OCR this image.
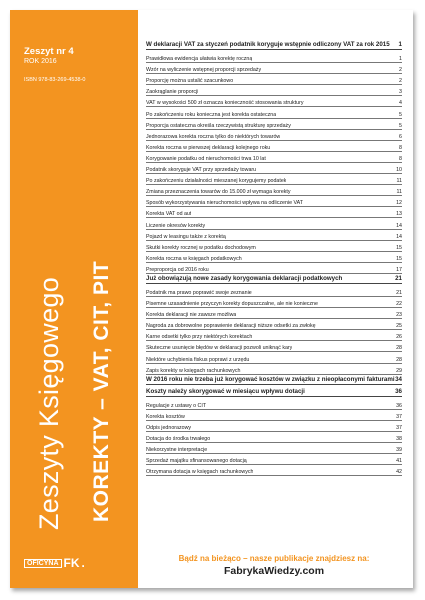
Zeszyt nr 4
ROK 2016
ISBN 978-83-269-4538-0
Zeszyty Księgowego KOREKTY – VAT, CIT, PIT
OFICYNA FK .
W deklaracji VAT za styczeń podatnik koryguje wstępnie odliczony VAT za rok 2015	1
Prawidłowa ewidencja ułatwia korektę roczną	1
Wzór na wyliczenie wstępnej proporcji sprzedaży	2
Proporcję można ustalić szacunkowo	2
Zaokrąglanie proporcji	3
VAT w wysokości 500 zł oznacza konieczność stosowania struktury	4
Po zakończeniu roku konieczna jest korekta ostateczna	5
Proporcja ostateczna określa rzeczywistą strukturę sprzedaży	5
Jednorazowa korekta roczna tylko do niektórych towarów	6
Korekta roczna w pierwszej deklaracji kolejnego roku	8
Korygowanie podatku od nieruchomości trwa 10 lat	8
Podatnik skorygujе VAT przy sprzedaży towaru	10
Po zakończeniu działalności mieszanej korygujemy podatek	11
Zmiana przeznaczenia towarów do 15.000 zł wymaga korekty	11
Sposób wykorzystywania nieruchomości wpływa na odliczenie VAT	12
Korekta VAT od aut	13
Liczenie okresów korekty	14
Pojazd w leasingu także z korektą	14
Skutki korekty rocznej w podatku dochodowym	15
Korekta roczna w księgach podatkowych	15
Preproporcja od 2016 roku	17
Już obowiązują nowe zasady korygowania deklaracji podatkowych	21
Podatnik ma prawo poprawić swoje zeznanie	21
Pisemne uzasadnienie przyczyn korekty dopuszczalne, ale nie konieczne	22
Korekta deklaracji nie zawsze możliwa	23
Nagroda za dobrowolne poprawienie deklaracji niższe odsetki za zwłokę	25
Karne odsetki tylko przy niektórych korektach	26
Skuteczne usunięcie błędów w deklaracji pozwoli uniknąć kary	28
Niektóre uchybienia fiskus poprawi z urzędu	28
Zapis korekty w księgach rachunkowych	29
W 2016 roku nie trzeba już korygować kosztów w związku z nieopłaconymi fakturami 34
Koszty należy skorygować w miesiącu wpływu dotacji	36
Regulacje z ustawy o CIT	36
Korekta kosztów	37
Odpis jednorazowy	37
Dotacja do środka trwałego	38
Niekorzystne interpretacje	39
Sprzedaż majątku sfinansowanego dotacją	41
Otrzymana dotacja w księgach rachunkowych	42
Bądź na bieżąco – nasze publikacje znajdziesz na:
FabrykaWiedzy.com
